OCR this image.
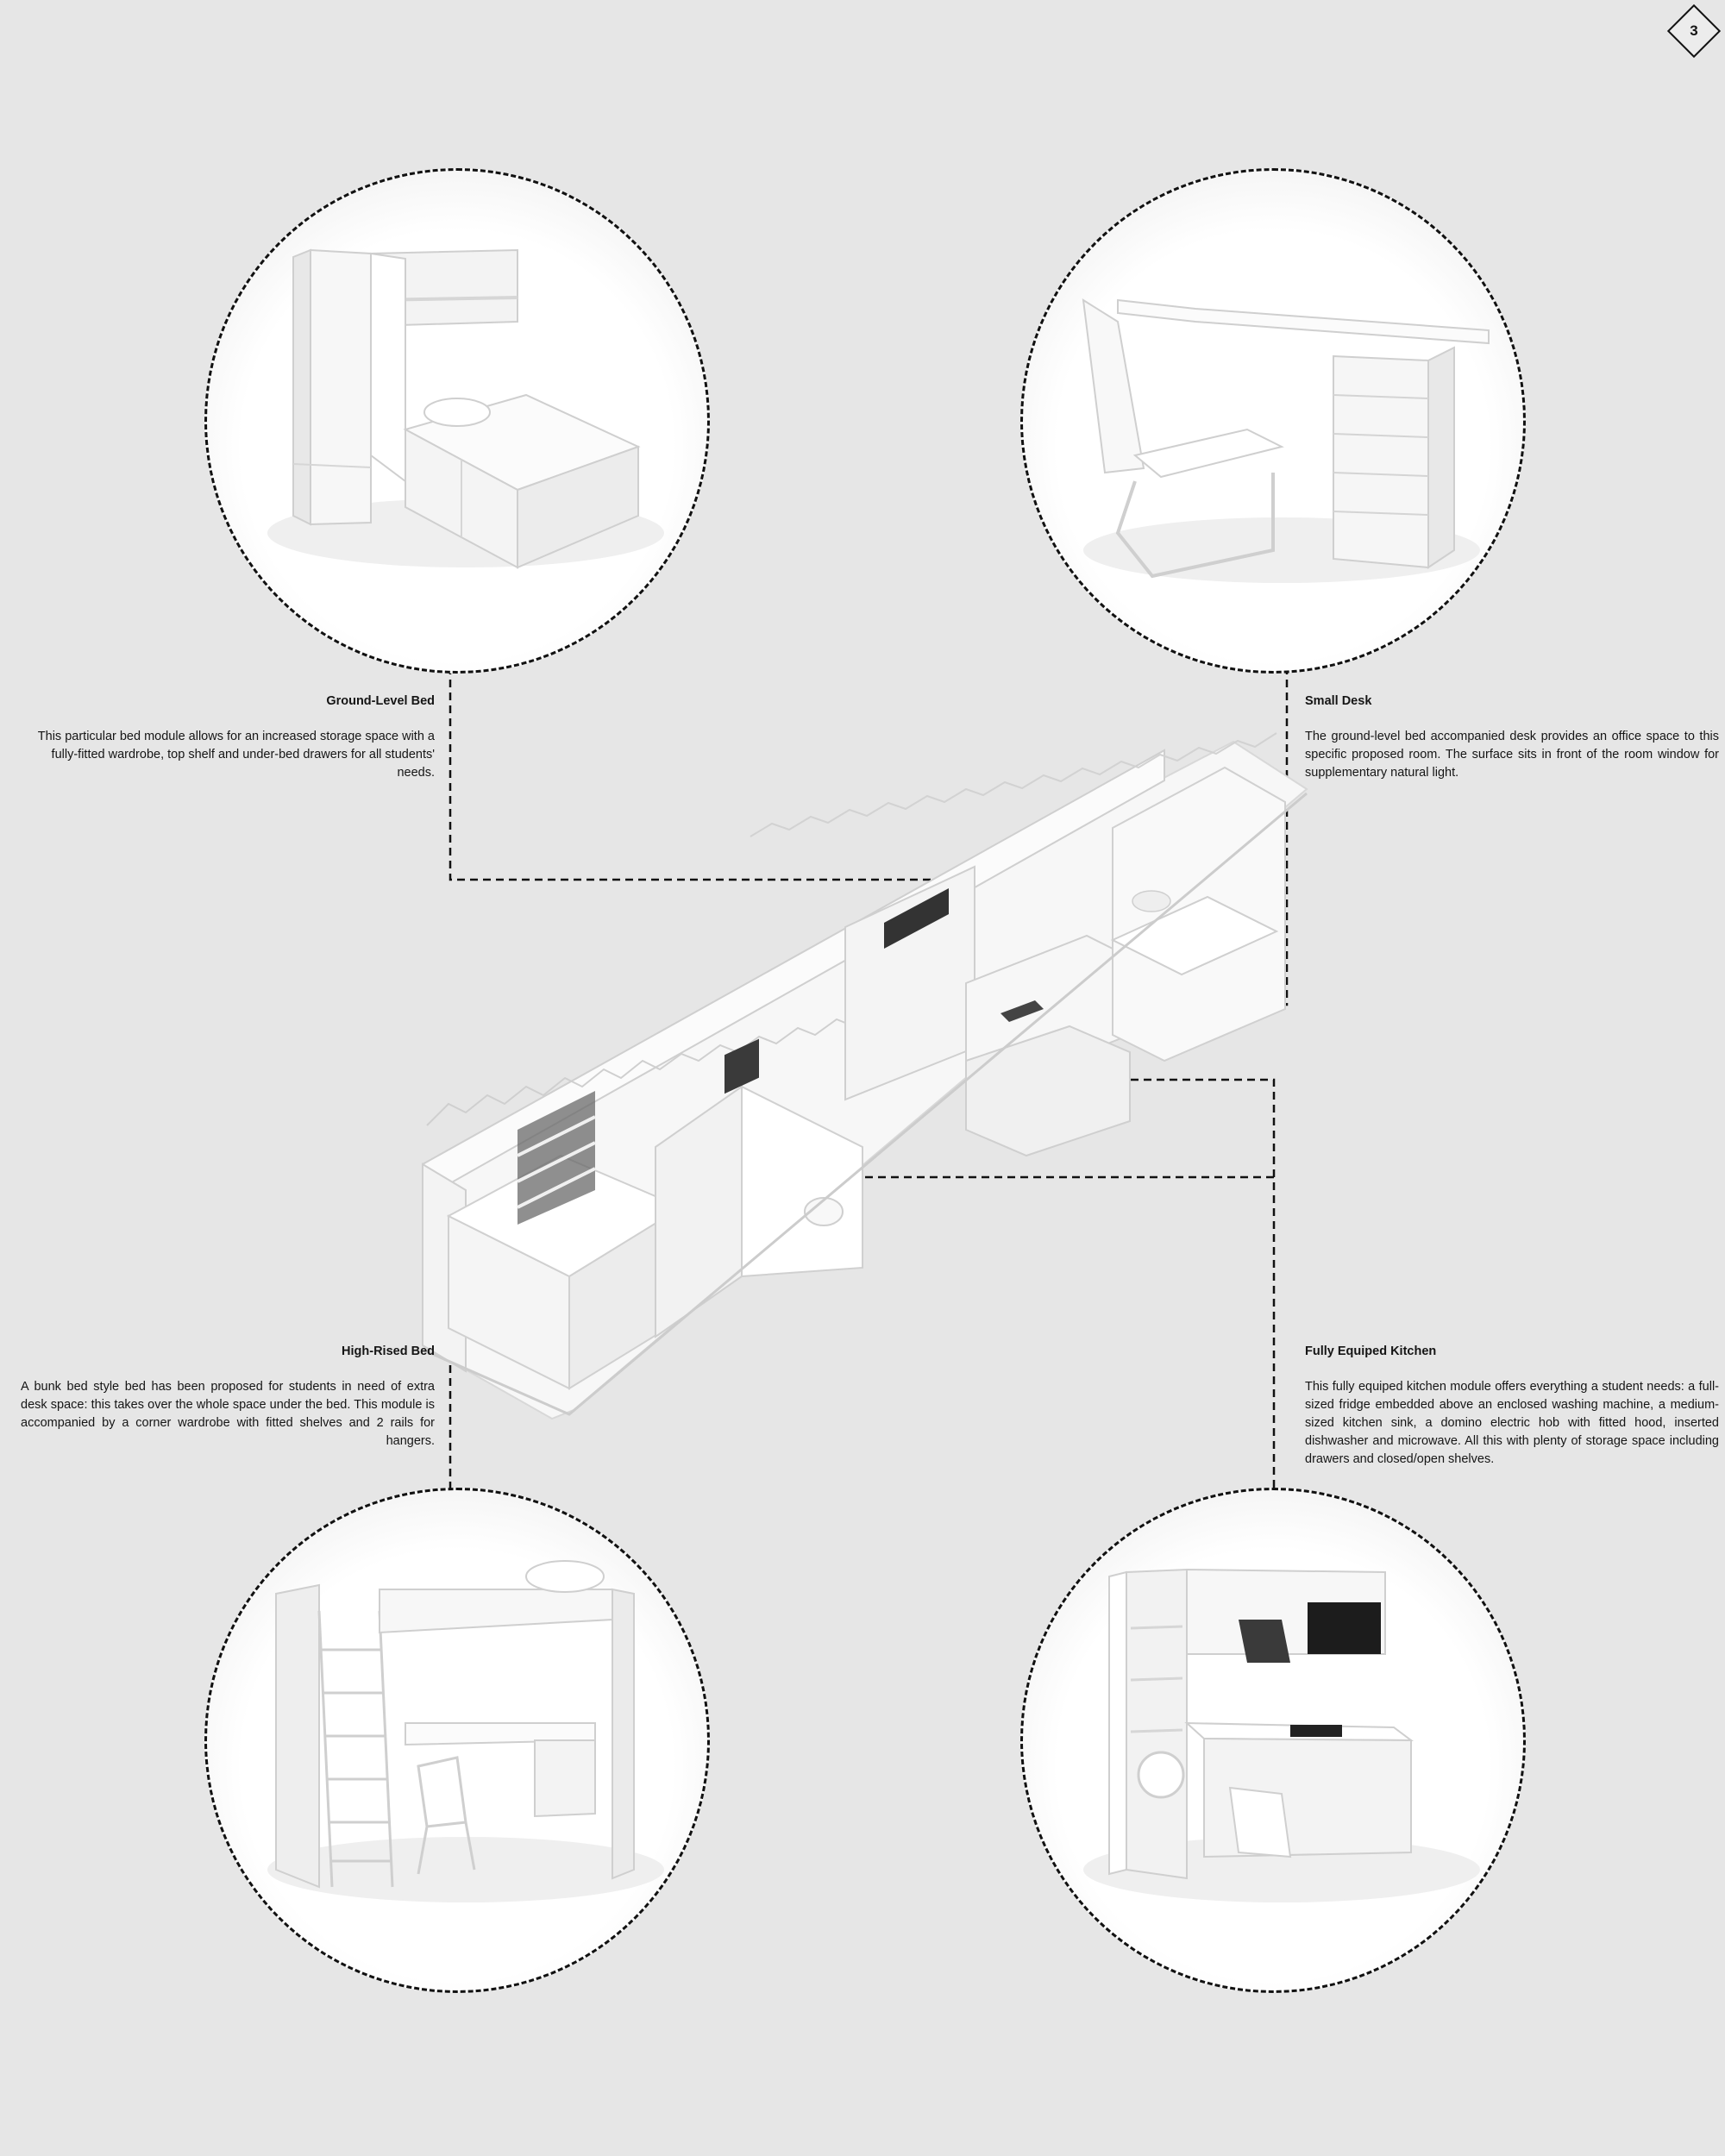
3
Ground-Level Bed

This particular bed module allows for an increased storage space with a fully-fitted wardrobe, top shelf and under-bed drawers for all students' needs.

Small Desk

The ground-level bed accompanied desk provides an office space to this specific proposed room. The surface sits in front of the room window for supplementary natural light.

High-Rised Bed

A bunk bed style bed has been proposed for students in need of extra desk space: this takes over the whole space under the bed. This module is accompanied by a corner wardrobe with fitted shelves and 2 rails for hangers.

Fully Equiped Kitchen

This fully equiped kitchen module offers everything a student needs: a full-sized fridge embedded above an enclosed washing machine, a medium-sized kitchen sink, a domino electric hob with fitted hood, inserted dishwasher and microwave. All this with plenty of storage space including drawers and closed/open shelves.
